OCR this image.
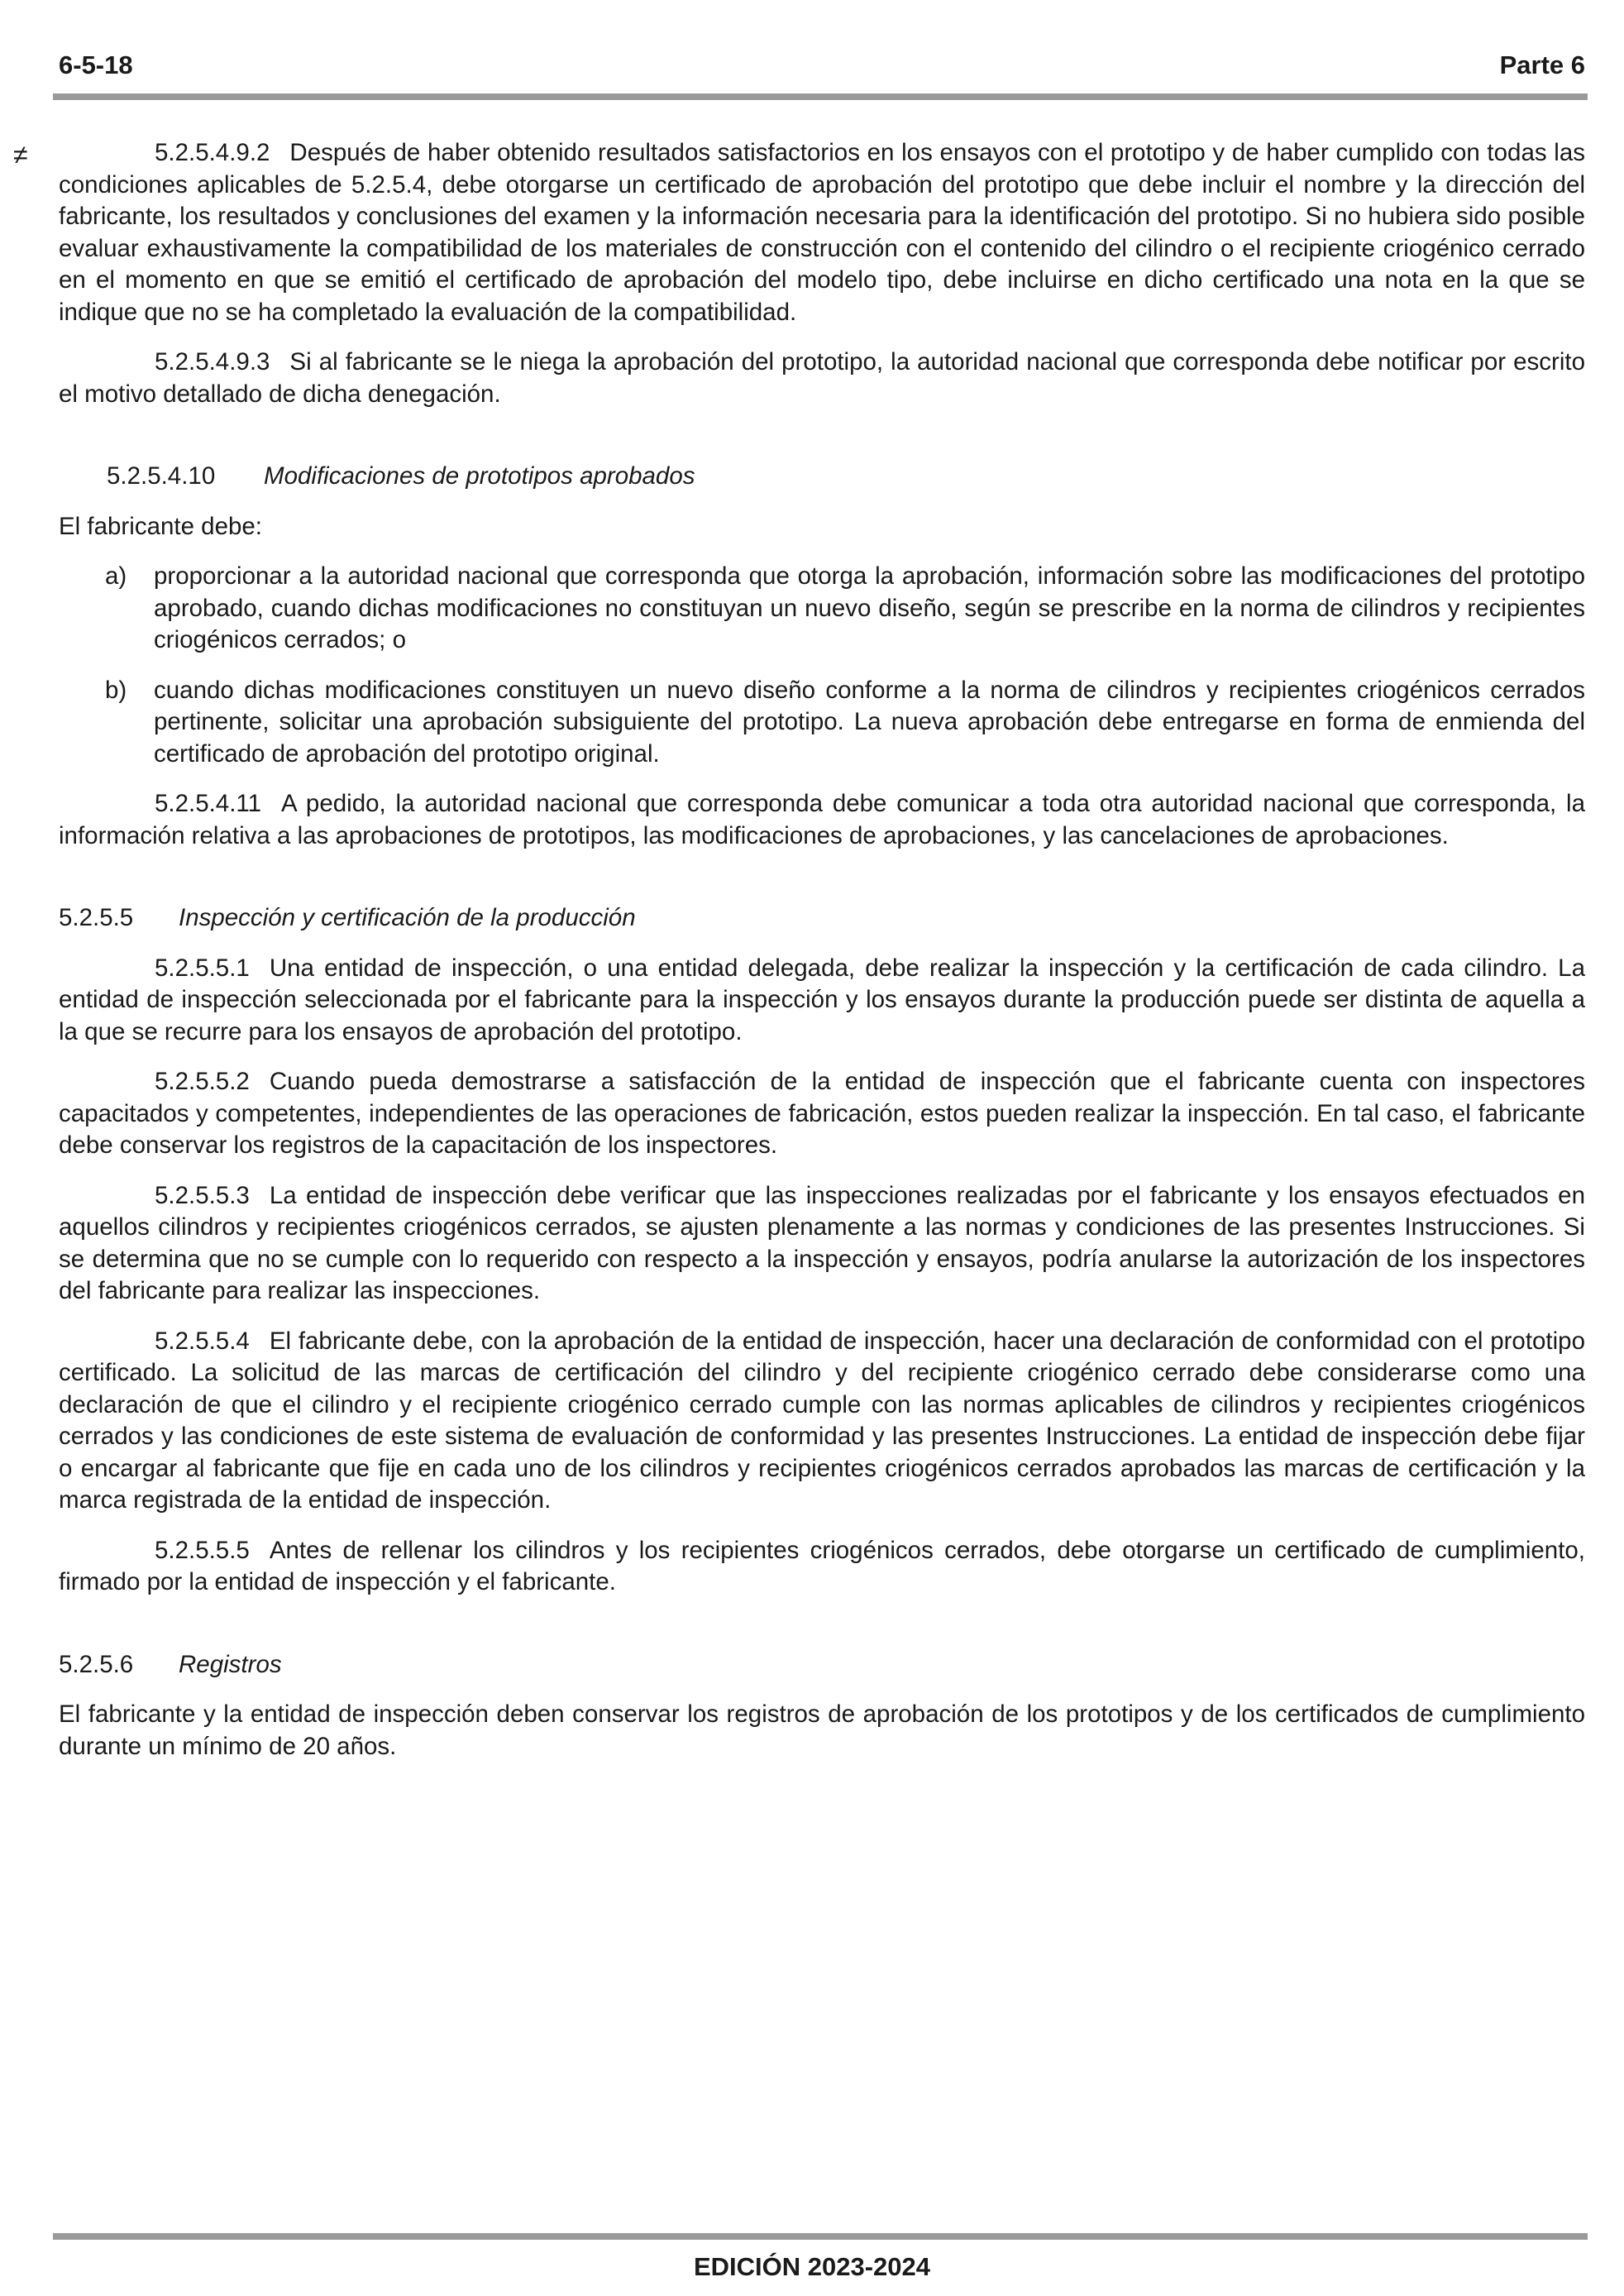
6-5-18	Parte 6
≠	5.2.5.4.9.2 Después de haber obtenido resultados satisfactorios en los ensayos con el prototipo y de haber cumplido con todas las condiciones aplicables de 5.2.5.4, debe otorgarse un certificado de aprobación del prototipo que debe incluir el nombre y la dirección del fabricante, los resultados y conclusiones del examen y la información necesaria para la identificación del prototipo. Si no hubiera sido posible evaluar exhaustivamente la compatibilidad de los materiales de construcción con el contenido del cilindro o el recipiente criogénico cerrado en el momento en que se emitió el certificado de aprobación del modelo tipo, debe incluirse en dicho certificado una nota en la que se indique que no se ha completado la evaluación de la compatibilidad.

5.2.5.4.9.3 Si al fabricante se le niega la aprobación del prototipo, la autoridad nacional que corresponda debe notificar por escrito el motivo detallado de dicha denegación.

5.2.5.4.10 Modificaciones de prototipos aprobados

El fabricante debe:

a) proporcionar a la autoridad nacional que corresponda que otorga la aprobación, información sobre las modificaciones del prototipo aprobado, cuando dichas modificaciones no constituyan un nuevo diseño, según se prescribe en la norma de cilindros y recipientes criogénicos cerrados; o

b) cuando dichas modificaciones constituyen un nuevo diseño conforme a la norma de cilindros y recipientes criogénicos cerrados pertinente, solicitar una aprobación subsiguiente del prototipo. La nueva aprobación debe entregarse en forma de enmienda del certificado de aprobación del prototipo original.

5.2.5.4.11 A pedido, la autoridad nacional que corresponda debe comunicar a toda otra autoridad nacional que corresponda, la información relativa a las aprobaciones de prototipos, las modificaciones de aprobaciones, y las cancelaciones de aprobaciones.

5.2.5.5 Inspección y certificación de la producción

5.2.5.5.1 Una entidad de inspección, o una entidad delegada, debe realizar la inspección y la certificación de cada cilindro. La entidad de inspección seleccionada por el fabricante para la inspección y los ensayos durante la producción puede ser distinta de aquella a la que se recurre para los ensayos de aprobación del prototipo.

5.2.5.5.2 Cuando pueda demostrarse a satisfacción de la entidad de inspección que el fabricante cuenta con inspectores capacitados y competentes, independientes de las operaciones de fabricación, estos pueden realizar la inspección. En tal caso, el fabricante debe conservar los registros de la capacitación de los inspectores.

5.2.5.5.3 La entidad de inspección debe verificar que las inspecciones realizadas por el fabricante y los ensayos efectuados en aquellos cilindros y recipientes criogénicos cerrados, se ajusten plenamente a las normas y condiciones de las presentes Instrucciones. Si se determina que no se cumple con lo requerido con respecto a la inspección y ensayos, podría anularse la autorización de los inspectores del fabricante para realizar las inspecciones.

5.2.5.5.4 El fabricante debe, con la aprobación de la entidad de inspección, hacer una declaración de conformidad con el prototipo certificado. La solicitud de las marcas de certificación del cilindro y del recipiente criogénico cerrado debe considerarse como una declaración de que el cilindro y el recipiente criogénico cerrado cumple con las normas aplicables de cilindros y recipientes criogénicos cerrados y las condiciones de este sistema de evaluación de conformidad y las presentes Instrucciones. La entidad de inspección debe fijar o encargar al fabricante que fije en cada uno de los cilindros y recipientes criogénicos cerrados aprobados las marcas de certificación y la marca registrada de la entidad de inspección.

5.2.5.5.5 Antes de rellenar los cilindros y los recipientes criogénicos cerrados, debe otorgarse un certificado de cumplimiento, firmado por la entidad de inspección y el fabricante.

5.2.5.6 Registros

El fabricante y la entidad de inspección deben conservar los registros de aprobación de los prototipos y de los certificados de cumplimiento durante un mínimo de 20 años.

EDICIÓN 2023-2024
